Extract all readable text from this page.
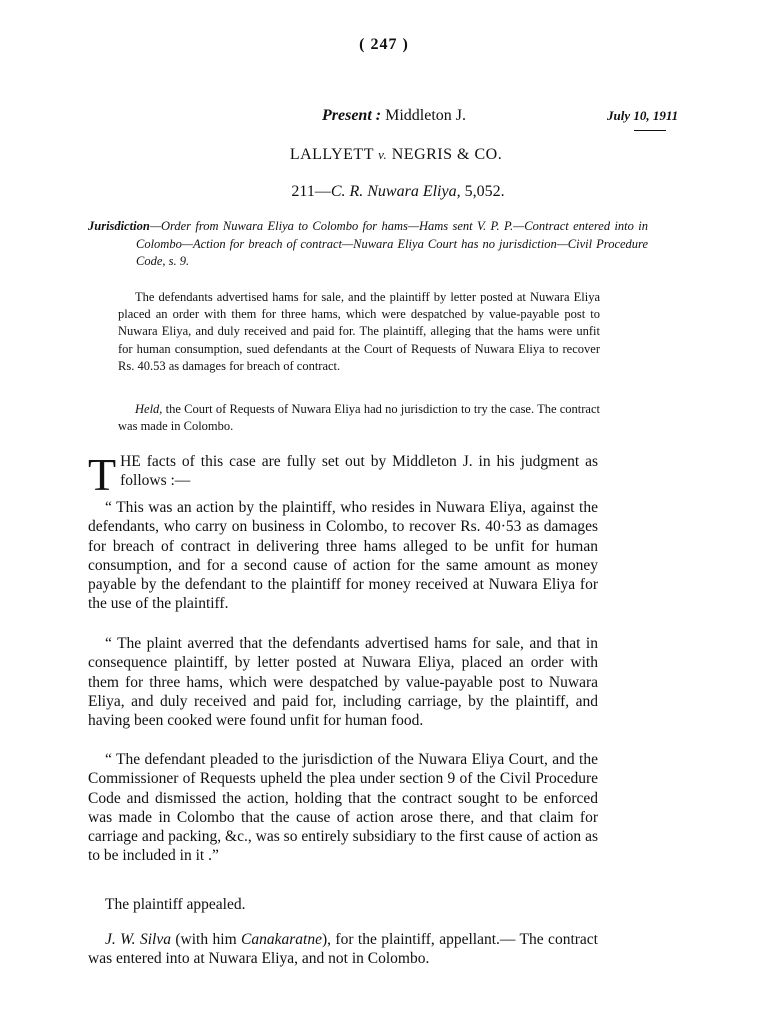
( 247 )
Present : Middleton J.	July 10, 1911
LALLYETT v. NEGRIS & CO.
211—C. R. Nuwara Eliya, 5,052.
Jurisdiction—Order from Nuwara Eliya to Colombo for hams—Hams sent V. P. P.—Contract entered into in Colombo—Action for breach of contract—Nuwara Eliya Court has no jurisdiction—Civil Procedure Code, s. 9.
The defendants advertised hams for sale, and the plaintiff by letter posted at Nuwara Eliya placed an order with them for three hams, which were despatched by value-payable post to Nuwara Eliya, and duly received and paid for. The plaintiff, alleging that the hams were unfit for human consumption, sued defendants at the Court of Requests of Nuwara Eliya to recover Rs. 40.53 as damages for breach of contract.
Held, the Court of Requests of Nuwara Eliya had no jurisdiction to try the case. The contract was made in Colombo.
T HE facts of this case are fully set out by Middleton J. in his judgment as follows :—
“ This was an action by the plaintiff, who resides in Nuwara Eliya, against the defendants, who carry on business in Colombo, to recover Rs. 40·53 as damages for breach of contract in delivering three hams alleged to be unfit for human consumption, and for a second cause of action for the same amount as money payable by the defendant to the plaintiff for money received at Nuwara Eliya for the use of the plaintiff.
“ The plaint averred that the defendants advertised hams for sale, and that in consequence plaintiff, by letter posted at Nuwara Eliya, placed an order with them for three hams, which were despatched by value-payable post to Nuwara Eliya, and duly received and paid for, including carriage, by the plaintiff, and having been cooked were found unfit for human food.
“ The defendant pleaded to the jurisdiction of the Nuwara Eliya Court, and the Commissioner of Requests upheld the plea under section 9 of the Civil Procedure Code and dismissed the action, holding that the contract sought to be enforced was made in Colombo that the cause of action arose there, and that claim for carriage and packing, &c., was so entirely subsidiary to the first cause of action as to be included in it .”
The plaintiff appealed.
J. W. Silva (with him Canakaratne), for the plaintiff, appellant.— The contract was entered into at Nuwara Eliya, and not in Colombo.
